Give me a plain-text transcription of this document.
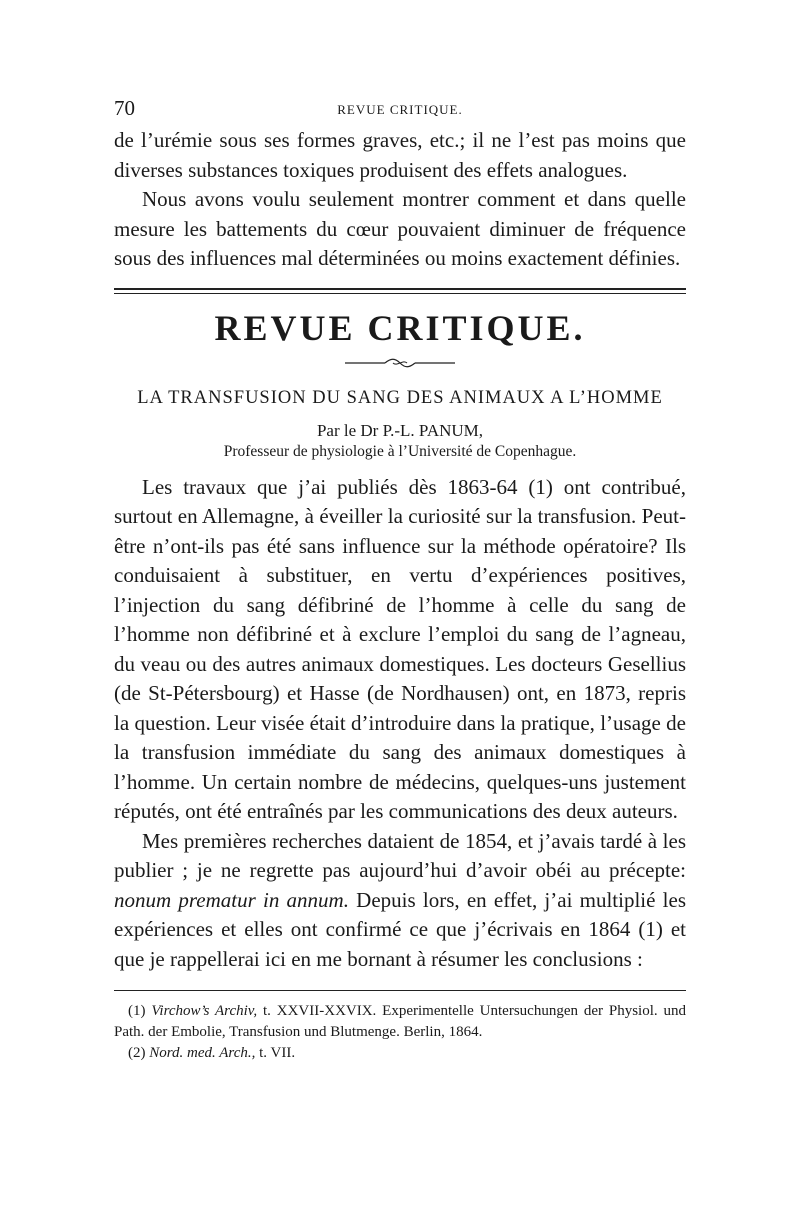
70	REVUE CRITIQUE.

de l’urémie sous ses formes graves, etc.; il ne l’est pas moins que diverses substances toxiques produisent des effets analogues.

Nous avons voulu seulement montrer comment et dans quelle mesure les battements du cœur pouvaient diminuer de fréquence sous des influences mal déterminées ou moins exactement définies.

REVUE CRITIQUE.
LA TRANSFUSION DU SANG DES ANIMAUX A L’HOMME
Par le Dr P.-L. PANUM,
Professeur de physiologie à l’Université de Copenhague.

Les travaux que j’ai publiés dès 1863-64 (1) ont contribué, surtout en Allemagne, à éveiller la curiosité sur la transfusion. Peut-être n’ont-ils pas été sans influence sur la méthode opératoire? Ils conduisaient à substituer, en vertu d’expériences positives, l’injection du sang défibriné de l’homme à celle du sang de l’homme non défibriné et à exclure l’emploi du sang de l’agneau, du veau ou des autres animaux domestiques. Les docteurs Gesellius (de St-Pétersbourg) et Hasse (de Nordhausen) ont, en 1873, repris la question. Leur visée était d’introduire dans la pratique, l’usage de la transfusion immédiate du sang des animaux domestiques à l’homme. Un certain nombre de médecins, quelques-uns justement réputés, ont été entraînés par les communications des deux auteurs.

Mes premières recherches dataient de 1854, et j’avais tardé à les publier ; je ne regrette pas aujourd’hui d’avoir obéi au précepte: nonum prematur in annum. Depuis lors, en effet, j’ai multiplié les expériences et elles ont confirmé ce que j’écrivais en 1864 (1) et que je rappellerai ici en me bornant à résumer les conclusions :

(1) Virchow’s Archiv, t. XXVII-XXVIX. Experimentelle Untersuchungen der Physiol. und Path. der Embolie, Transfusion und Blutmenge. Berlin, 1864.

(2) Nord. med. Arch., t. VII.
